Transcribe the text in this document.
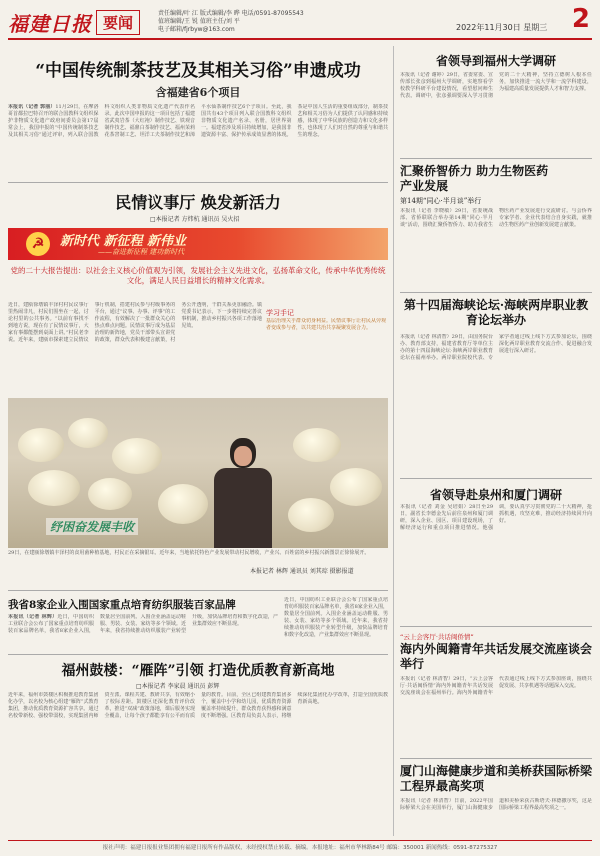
福建日报 要闻
责任编辑/叶 江 版式编辑/李 晔 电话/0591-87095543
值班编辑/王 锐 值班主任/刘 平
电子邮箱/fjrbyw@163.com	2022年11月30日 星期三 2
“中国传统制茶技艺及其相关习俗”申遗成功
含福建省6个项目
本报讯（记者 郭丽）11月29日，在摩洛哥首都拉巴特召开的联合国教科文组织保护非物质文化遗产政府间委员会第17届常会上，我国申报的“中国传统制茶技艺及其相关习俗”通过评审，列入联合国教科文组织人类非物质文化遗产代表作名录。此次中国申报的这一项目包括了福建省武夷岩茶（大红袍）制作技艺、铁观音制作技艺、福鼎白茶制作技艺、福州茉莉花茶窨制工艺、坦洋工夫茶制作技艺和漳平水仙茶制作技艺6个子项目。至此，我国共有43个项目列入联合国教科文组织非物质文化遗产名录、名册，居世界第一。福建省涉及项目持续增加，是我国非遗资源丰富、保护传承成效显著的体现。茶是中国人生活的重要组成部分，制茶技艺和相关习俗为人们提供了认同感和持续感，体现了中华民族的创造力和文化多样性，也体现了人们对自然的尊重与和谐共生的理念。
民情议事厅 焕发新活力
□本报记者 方炜杭 通讯员 吴火招
☭	新时代 新征程 新伟业
——奋进新征程 建功新时代
党的二十大报告提出：以社会主义核心价值观为引领，发展社会主义先进文化，弘扬革命文化，传承中华优秀传统文化，满足人民日益增长的精神文化需求。
近日，建瓯徐墩镇丰泽村村民议事厅里热闹非凡，村民们围坐在一起，讨论村里的公共事务。“以前有事找不到地方说，现在有了民情议事厅，大家有事都能摆到桌面上讲。”村民老李说。近年来，建瓯市探索建立民情议事厅机制，搭建村民参与村级事务的平台，通过“议事、办事、评事”的工作流程，有效解决了一批群众关心的热点难点问题。民情议事厅成为基层治理的新阵地，党员干部带头宣讲党的政策，群众代表积极建言献策，村务公开透明，干群关系更加融洽。镇党委书记表示，下一步将持续完善议事机制，推动乡村振兴各项工作落地见效。
学习手记
基层治理关乎群众切身利益。民情议事厅让村民从旁观者变成参与者，以共建共治共享凝聚发展合力。
纾困奋发展丰收
29日，在建瓯徐墩镇丰泽村的食用菌种植基地，村民正在采摘银耳。近年来，当地依托特色产业发展带动村民增收，产业兴、百姓富的乡村振兴新图景正徐徐展开。
本报记者 林辉 通讯员 刘其琮 摄影报道
我省8家企业入围国家重点培育纺织服装百家品牌
本报讯（记者 林辉）近日，中国纺织工业联合会公布了国家重点培育纺织服装百家品牌名单，我省8家企业入围，数量居全国前列。入围企业涵盖运动鞋服、男装、女装、家纺等多个领域。近年来，我省持续推动纺织服装产业转型升级，加快品牌培育和数字化改造，产业集群效应不断显现。
近日，中国纺织工业联合会公布了国家重点培育纺织服装百家品牌名单，我省8家企业入围，数量居全国前列。入围企业涵盖运动鞋服、男装、女装、家纺等多个领域。近年来，我省持续推动纺织服装产业转型升级，加快品牌培育和数字化改造，产业集群效应不断显现。
福州鼓楼：“雁阵”引领 打造优质教育新高地
□本报记者 李家晨 通讯员 彭辉
近年来，福州市鼓楼区积极推进教育集团化办学，以名校为核心组建“雁阵”式教育集团，推动优质教育资源扩容共享。通过名校带新校、强校带弱校，实现集团内师资互派、课程共建、教研共享，有效缩小了校际差距。鼓楼区还深化教育评价改革，推进“双减”政策落地，课后服务实现全覆盖，让每个孩子都能享有公平而有质量的教育。目前，全区已组建教育集团多个，覆盖中小学和幼儿园，优质教育资源覆盖率持续提升，群众教育获得感和满意度不断增强。区教育局负责人表示，将继续深化集团化办学改革，打造全国优质教育新高地。
省领导到福州大学调研
本报讯（记者 谢婷）29日，省委常委、宣传部长张彦到福州大学调研，实地察看学校教学科研平台建设情况，看望慰问师生代表。调研中，张彦强调要深入学习贯彻党的二十大精神，坚持立德树人根本任务，加快推进一流大学和一流学科建设，为福建高质量发展提供人才和智力支撑。
汇聚侨智侨力 助力生物医药产业发展
第14期“同心·半月谈”举行
本报讯（记者 李晓敏）29日，省委统战部、省侨联联合举办第14期“同心·半月谈”活动，围绕汇聚侨智侨力、助力我省生物医药产业发展进行交流研讨。与会侨界专家学者、企业代表结合自身实践，就推动生物医药产业创新发展建言献策。
第十四届海峡论坛·海峡两岸职业教育论坛举办
本报讯（记者 林清智）29日，由国务院台办、教育部支持，福建省教育厅等单位主办的第十四届海峡论坛·海峡两岸职业教育论坛在福州举办。两岸职业院校代表、专家学者通过线上线下方式参加论坛，围绕深化两岸职业教育交流合作、促进融合发展进行深入研讨。
省领导赴泉州和厦门调研
本报讯（记者 刘金 吴培娟）28日至29日，副省长李德金先后前往泉州和厦门调研，深入企业、园区、项目建设现场，了解经济运行和重点项目推进情况。他强调，要认真学习贯彻党的二十大精神，抢抓机遇，攻坚克难，推动经济持续回升向好。
“云上会客厅·共话闽侨情”
海内外闽籍青年共话发展交流座谈会举行
本报讯（记者 林清智）29日，“云上会客厅·共话闽侨情”海内外闽籍青年共话发展交流座谈会在福州举行。海内外闽籍青年代表通过线上线下方式参加座谈，围绕共促发展、共享机遇等话题深入交流。
厦门山海健康步道和美桥获国际桥梁工程界最高奖项
本报讯（记者 林清智）日前，2022年国际桥梁大会在美国举行，厦门山海健康步道和美桥荣获古斯塔夫·林德撒尔奖，这是国际桥梁工程界最高奖项之一。
报社声明：福建日报报业集团拥有福建日报所有作品版权，未经授权禁止转载、摘编。本报地址：福州市华林路84号 邮编：350001 新闻热线：0591-87275327
